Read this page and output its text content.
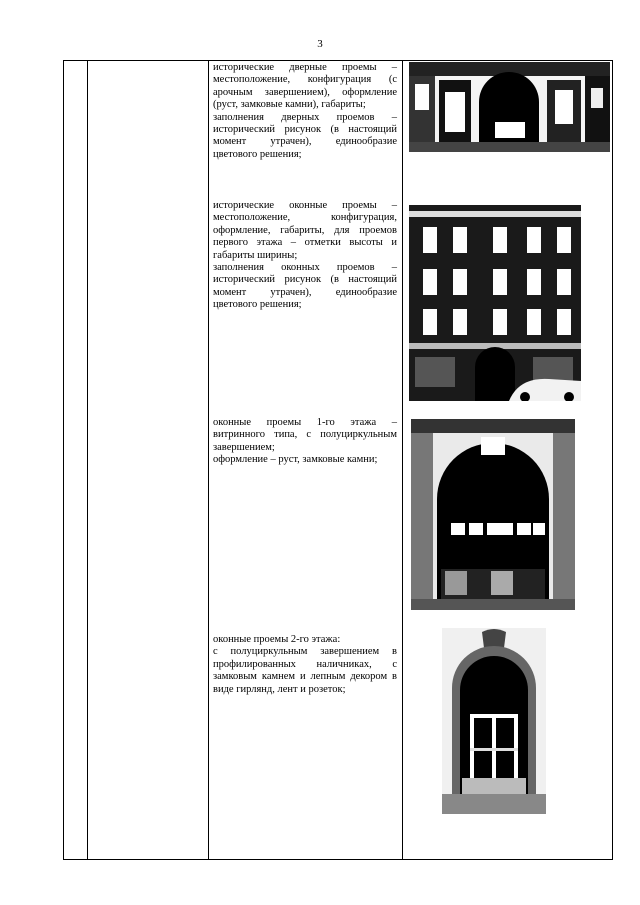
3

исторические дверные проемы – местоположение, конфигурация (с арочным завершением), оформление (руст, замковые камни), габариты;

заполнения дверных проемов – исторический рисунок (в настоящий момент утрачен), единообразие цветового решения;

исторические оконные проемы – местоположение, конфигурация, оформление, габариты, для проемов первого этажа – отметки высоты и габариты ширины;

заполнения оконных проемов – исторический рисунок (в настоящий момент утрачен), единообразие цветового решения;

оконные проемы 1-го этажа – витринного типа, с полуциркульным завершением;

оформление – руст, замковые камни;

оконные проемы 2-го этажа:

с полуциркульным завершением в профилированных наличниках, с замковым камнем и лепным декором в виде гирлянд, лент и розеток;
